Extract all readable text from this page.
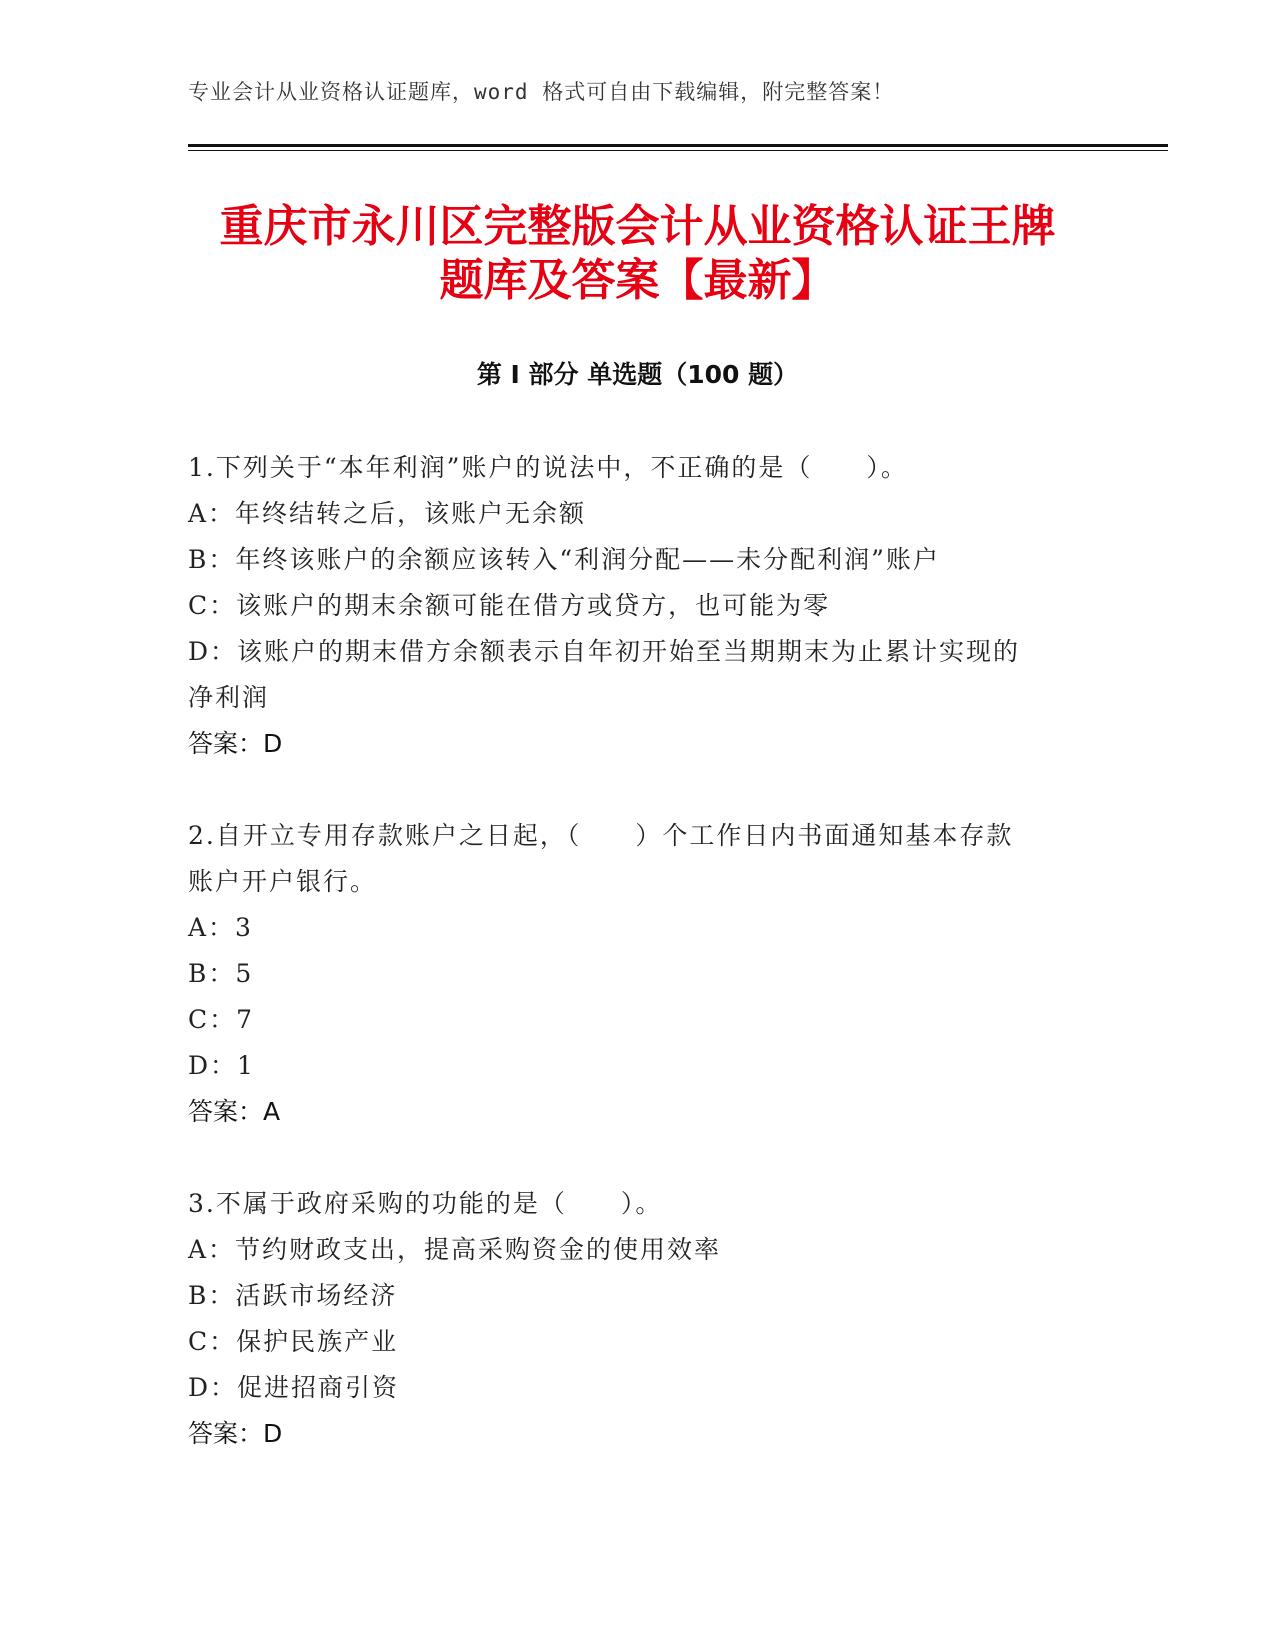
专业会计从业资格认证题库，word 格式可自由下载编辑，附完整答案！
重庆市永川区完整版会计从业资格认证王牌
题库及答案【最新】
第 I 部分 单选题（100 题）
1.下列关于“本年利润”账户的说法中，不正确的是（　　）。
A：年终结转之后，该账户无余额
B：年终该账户的余额应该转入“利润分配——未分配利润”账户
C：该账户的期末余额可能在借方或贷方，也可能为零
D：该账户的期末借方余额表示自年初开始至当期期末为止累计实现的
净利润
答案：D
2.自开立专用存款账户之日起，（　　）个工作日内书面通知基本存款
账户开户银行。
A：3
B：5
C：7
D：1
答案：A
3.不属于政府采购的功能的是（　　）。
A：节约财政支出，提高采购资金的使用效率
B：活跃市场经济
C：保护民族产业
D：促进招商引资
答案：D
